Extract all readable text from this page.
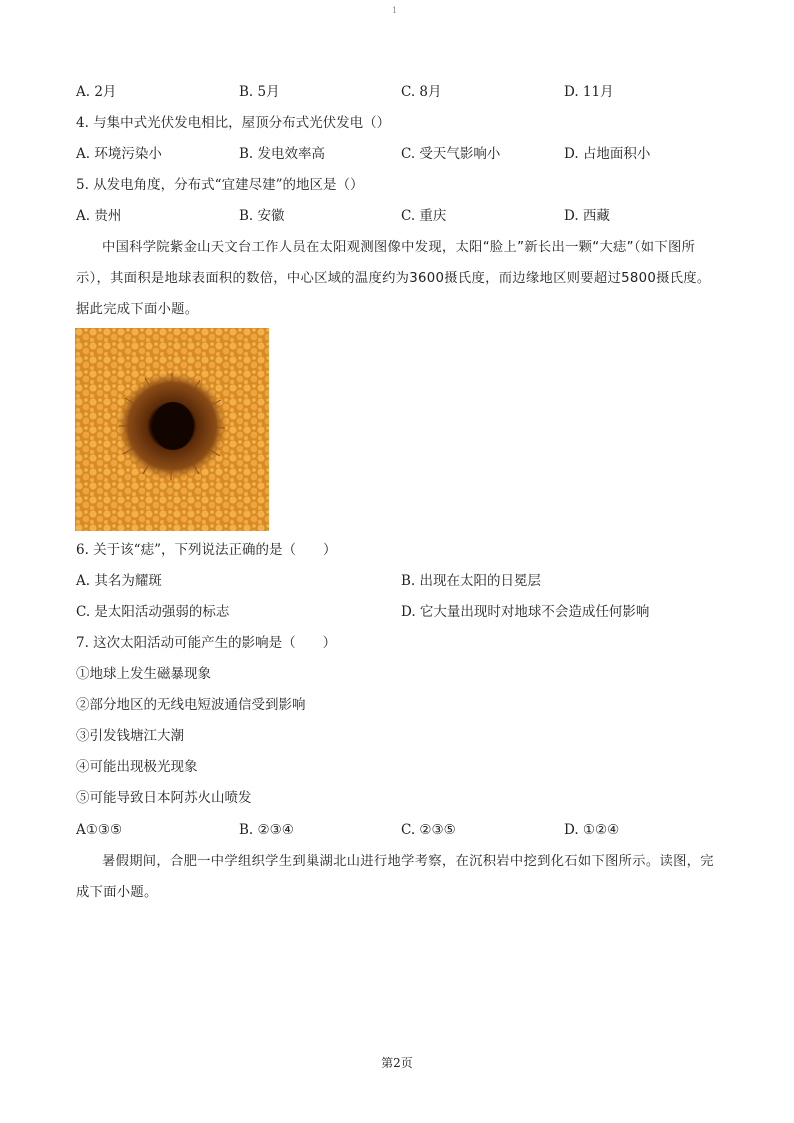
1
A. 2月	B. 5月	C. 8月	D. 11月
4. 与集中式光伏发电相比，屋顶分布式光伏发电（）
A. 环境污染小	B. 发电效率高	C. 受天气影响小	D. 占地面积小
5. 从发电角度，分布式“宜建尽建”的地区是（）
A. 贵州	B. 安徽	C. 重庆	D. 西藏
中国科学院紫金山天文台工作人员在太阳观测图像中发现，太阳“脸上”新长出一颗“大痣”（如下图所示），其面积是地球表面积的数倍，中心区域的温度约为3600摄氏度，而边缘地区则要超过5800摄氏度。据此完成下面小题。
6. 关于该“痣”，下列说法正确的是（　　）
A. 其名为耀斑	B. 出现在太阳的日冕层
C. 是太阳活动强弱的标志	D. 它大量出现时对地球不会造成任何影响
7. 这次太阳活动可能产生的影响是（　　）
①地球上发生磁暴现象
②部分地区的无线电短波通信受到影响
③引发钱塘江大潮
④可能出现极光现象
⑤可能导致日本阿苏火山喷发
A①③⑤	B. ②③④	C. ②③⑤	D. ①②④
暑假期间，合肥一中学组织学生到巢湖北山进行地学考察，在沉积岩中挖到化石如下图所示。读图，完成下面小题。
第2页
